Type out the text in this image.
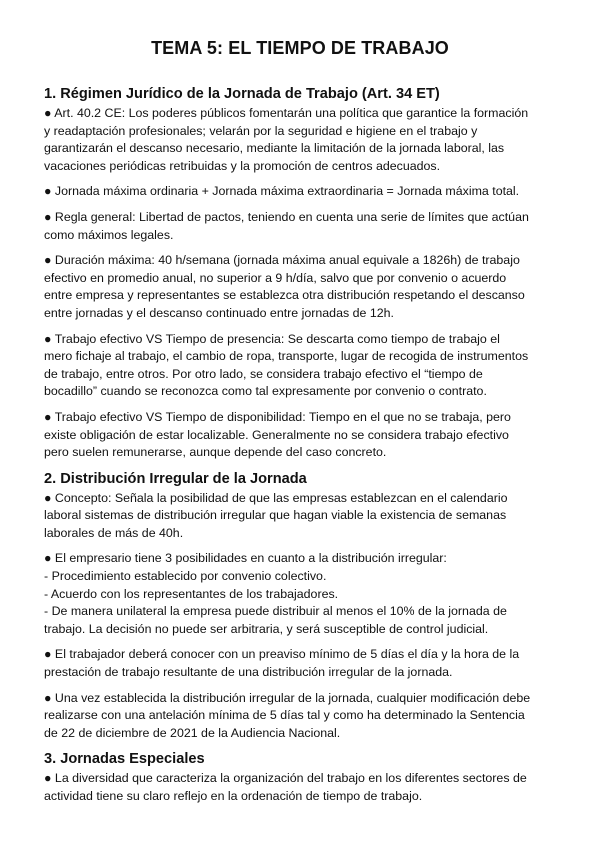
TEMA 5: EL TIEMPO DE TRABAJO
1. Régimen Jurídico de la Jornada de Trabajo (Art. 34 ET)

● Art. 40.2 CE: Los poderes públicos fomentarán una política que garantice la formación
y readaptación profesionales; velarán por la seguridad e higiene en el trabajo y
garantizarán el descanso necesario, mediante la limitación de la jornada laboral, las
vacaciones periódicas retribuidas y la promoción de centros adecuados.

● Jornada máxima ordinaria + Jornada máxima extraordinaria = Jornada máxima total.

● Regla general: Libertad de pactos, teniendo en cuenta una serie de límites que actúan
como máximos legales.

● Duración máxima: 40 h/semana (jornada máxima anual equivale a 1826h) de trabajo
efectivo en promedio anual, no superior a 9 h/día, salvo que por convenio o acuerdo
entre empresa y representantes se establezca otra distribución respetando el descanso
entre jornadas y el descanso continuado entre jornadas de 12h.

● Trabajo efectivo VS Tiempo de presencia: Se descarta como tiempo de trabajo el
mero fichaje al trabajo, el cambio de ropa, transporte, lugar de recogida de instrumentos
de trabajo, entre otros. Por otro lado, se considera trabajo efectivo el “tiempo de
bocadillo” cuando se reconozca como tal expresamente por convenio o contrato.

● Trabajo efectivo VS Tiempo de disponibilidad: Tiempo en el que no se trabaja, pero
existe obligación de estar localizable. Generalmente no se considera trabajo efectivo
pero suelen remunerarse, aunque depende del caso concreto.

2. Distribución Irregular de la Jornada

● Concepto: Señala la posibilidad de que las empresas establezcan en el calendario
laboral sistemas de distribución irregular que hagan viable la existencia de semanas
laborales de más de 40h.

● El empresario tiene 3 posibilidades en cuanto a la distribución irregular:
- Procedimiento establecido por convenio colectivo.
- Acuerdo con los representantes de los trabajadores.
- De manera unilateral la empresa puede distribuir al menos el 10% de la jornada de
trabajo. La decisión no puede ser arbitraria, y será susceptible de control judicial.

● El trabajador deberá conocer con un preaviso mínimo de 5 días el día y la hora de la
prestación de trabajo resultante de una distribución irregular de la jornada.

● Una vez establecida la distribución irregular de la jornada, cualquier modificación debe
realizarse con una antelación mínima de 5 días tal y como ha determinado la Sentencia
de 22 de diciembre de 2021 de la Audiencia Nacional.

3. Jornadas Especiales

● La diversidad que caracteriza la organización del trabajo en los diferentes sectores de
actividad tiene su claro reflejo en la ordenación de tiempo de trabajo.
